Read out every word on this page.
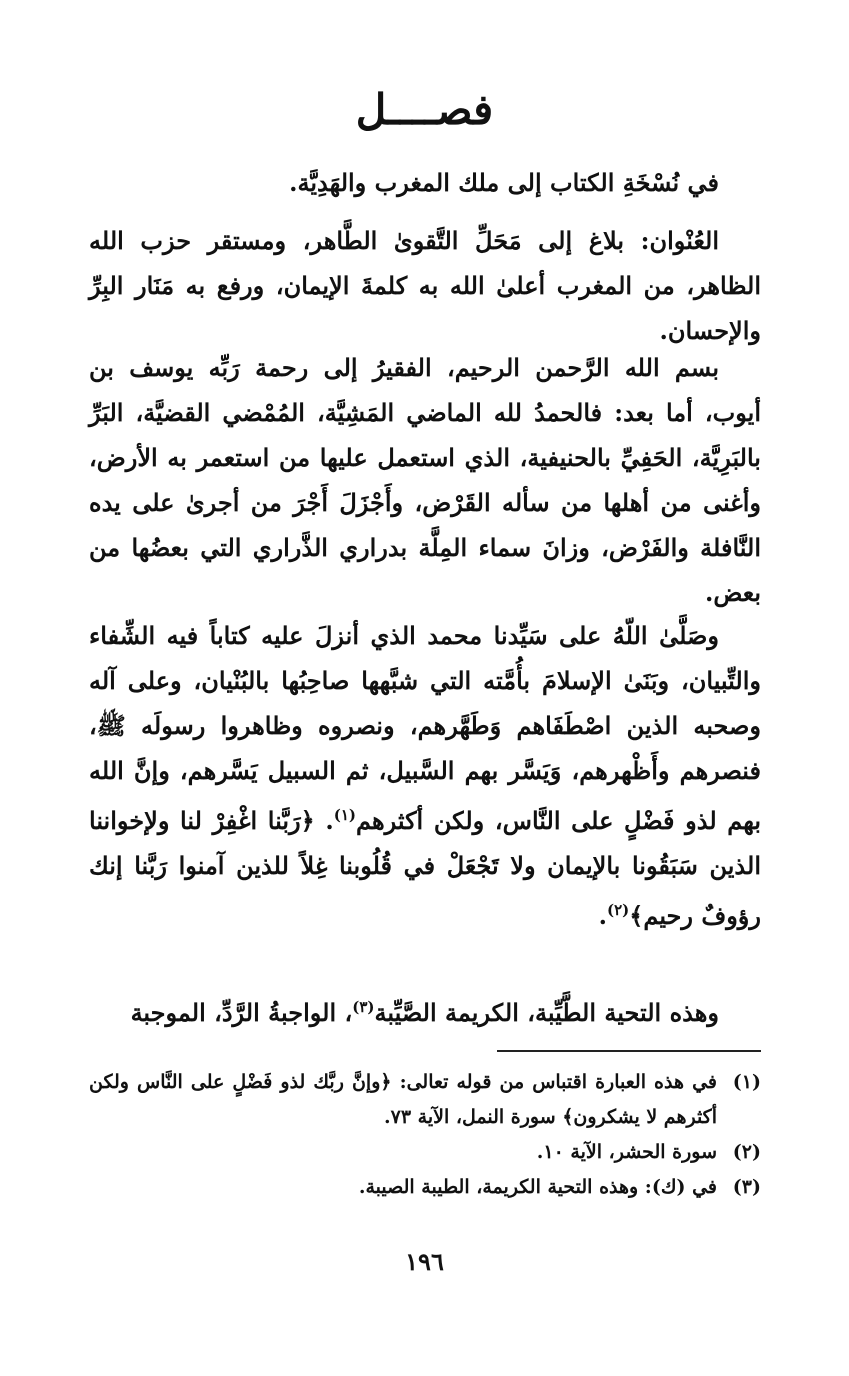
فصــــل

في نُسْخَةِ الكتاب إلى ملك المغرب والهَدِيَّة.

العُنْوان: بلاغ إلى مَحَلِّ التَّقوىٰ الطَّاهر، ومستقر حزب الله الظاهر، من المغرب أعلىٰ الله به كلمةَ الإيمان، ورفع به مَنَار البِرِّ والإحسان.

بسم الله الرَّحمن الرحيم، الفقيرُ إلى رحمة رَبِّه يوسف بن أيوب، أما بعد: فالحمدُ لله الماضي المَشِيَّة، المُمْضي القضيَّة، البَرِّ بالبَرِيَّة، الحَفِيِّ بالحنيفية، الذي استعمل عليها من استعمر به الأرض، وأغنى من أهلها من سأله القَرْض، وأَجْزَلَ أَجْرَ من أجرىٰ على يده النَّافلة والفَرْض، وزانَ سماء المِلَّة بدراري الذَّراري التي بعضُها من بعض.

وصَلَّىٰ اللّهُ على سَيِّدنا محمد الذي أنزلَ عليه كتاباً فيه الشِّفاء والتِّبيان، وبَنَىٰ الإسلامَ بأُمَّته التي شبَّهها صاحِبُها بالبُنْيان، وعلى آله وصحبه الذين اصْطَفَاهم وَطَهَّرهم، ونصروه وظاهروا رسولَه ﷺ، فنصرهم وأَظْهرهم، وَيَسَّر بهم السَّبيل، ثم السبيل يَسَّرهم، وإنَّ الله بهم لذو فَضْلٍ على النَّاس، ولكن أكثرهم$^{(١)}$. ﴿رَبَّنا اغْفِرْ لنا ولإخواننا الذين سَبَقُونا بالإيمان ولا تَجْعَلْ في قُلُوبنا غِلاً للذين آمنوا رَبَّنا إنك رؤوفٌ رحيم﴾$^{(٢)}$.

وهذه التحية الطَّيِّبة، الكريمة الصَّيِّبة$^{(٣)}$، الواجبةُ الرَّدِّ، الموجبة

(١)
في هذه العبارة اقتباس من قوله تعالى: ﴿وإنَّ ربَّك لذو فَضْلٍ على النَّاس ولكن أكثرهم لا يشكرون﴾ سورة النمل، الآية ٧٣.
(٢)
سورة الحشر، الآية ١٠.
(٣)
في (ك): وهذه التحية الكريمة، الطيبة الصيبة.
١٩٦
